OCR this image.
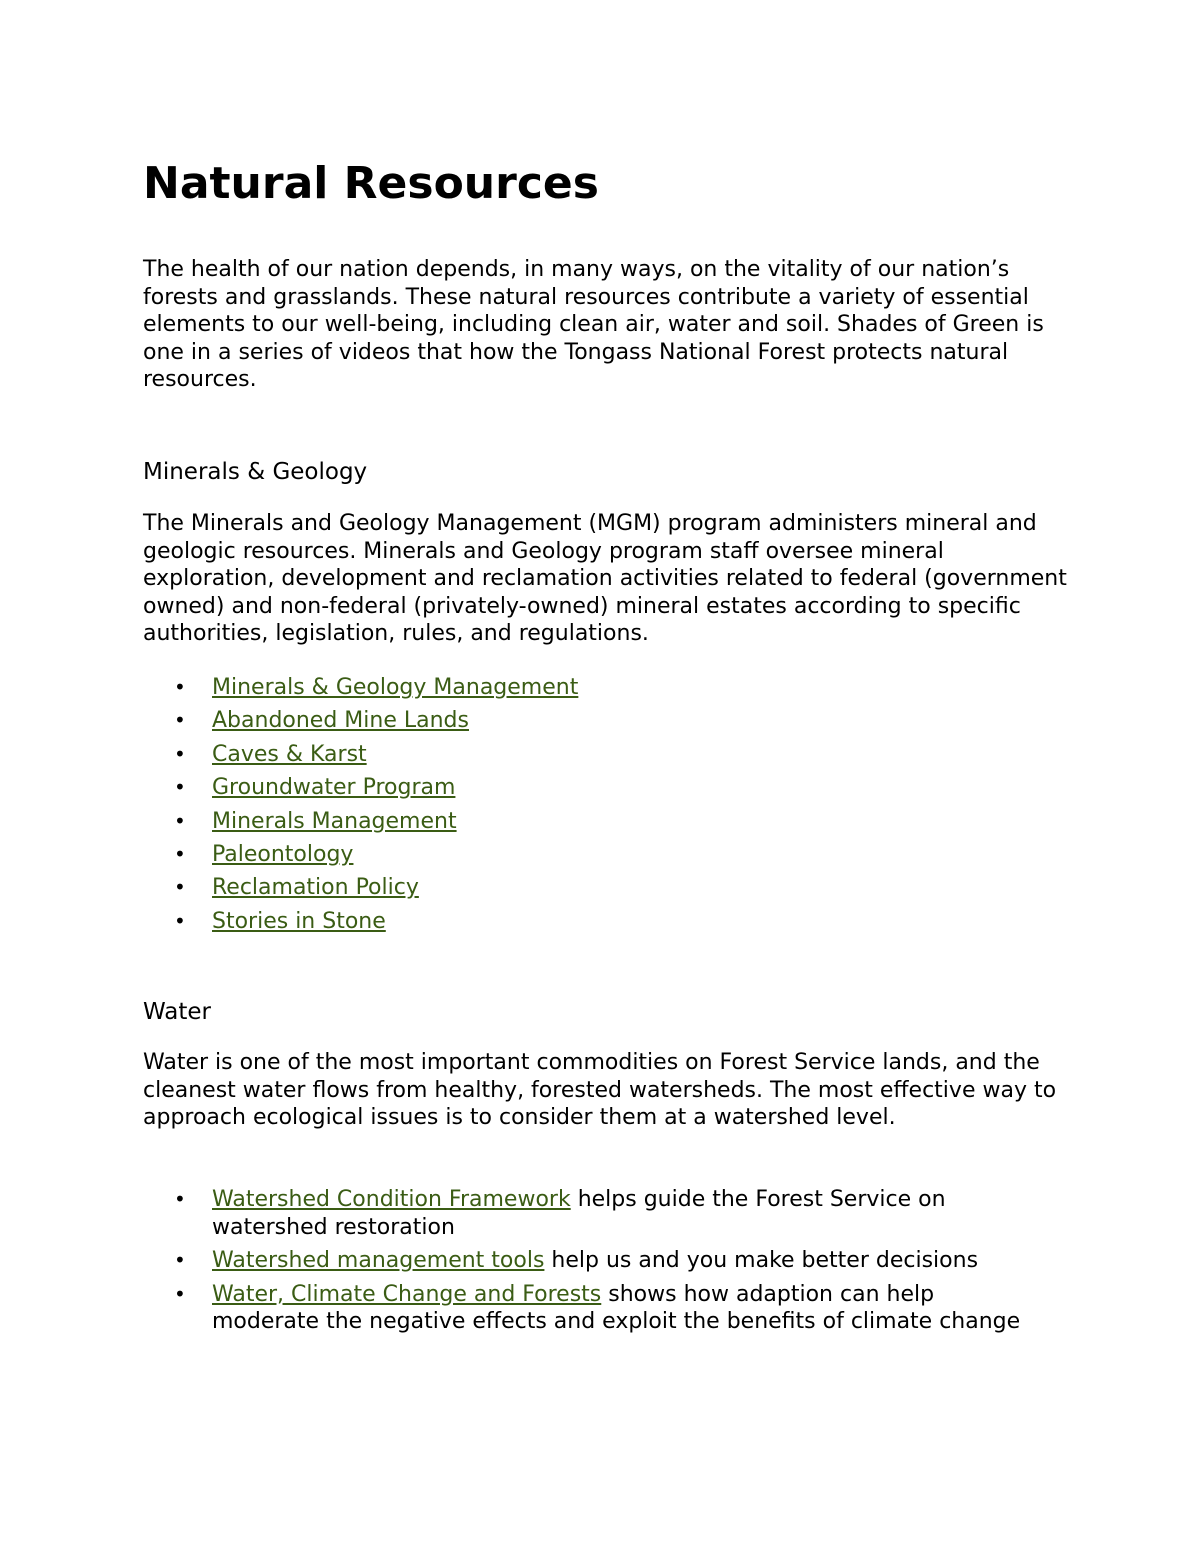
Natural Resources

The health of our nation depends, in many ways, on the vitality of our nation’s forests and grasslands. These natural resources contribute a variety of essential elements to our well-being, including clean air, water and soil. Shades of Green is one in a series of videos that how the Tongass National Forest protects natural resources.

Minerals & Geology

The Minerals and Geology Management (MGM) program administers mineral and geologic resources. Minerals and Geology program staff oversee mineral exploration, development and reclamation activities related to federal (government owned) and non-federal (privately-owned) mineral estates according to specific authorities, legislation, rules, and regulations.

• Minerals & Geology Management
• Abandoned Mine Lands
• Caves & Karst
• Groundwater Program
• Minerals Management
• Paleontology
• Reclamation Policy
• Stories in Stone
Water

Water is one of the most important commodities on Forest Service lands, and the cleanest water flows from healthy, forested watersheds. The most effective way to approach ecological issues is to consider them at a watershed level.

• Watershed Condition Framework helps guide the Forest Service on watershed restoration
• Watershed management tools help us and you make better decisions
• Water, Climate Change and Forests shows how adaption can help moderate the negative effects and exploit the benefits of climate change
